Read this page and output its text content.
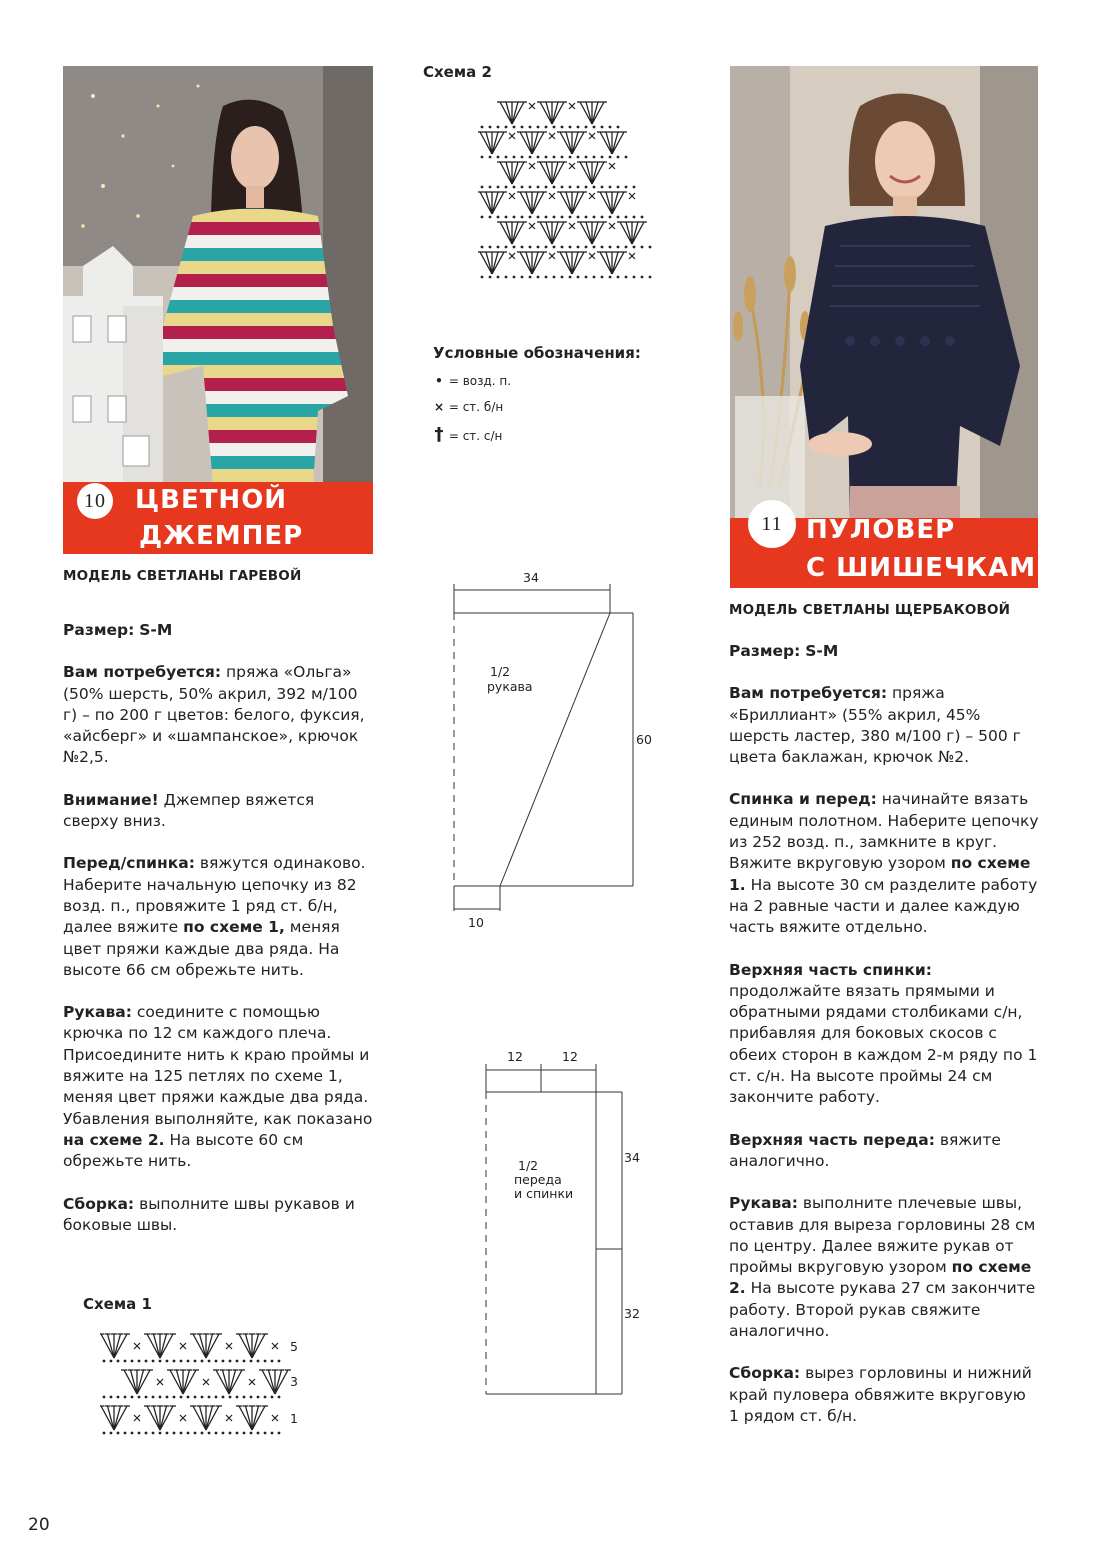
10 ЦВЕТНОЙ
ДЖЕМПЕР
МОДЕЛЬ СВЕТЛАНЫ ГАРЕВОЙ

Размер: S-M

Вам потребуется: пряжа «Ольга» (50% шерсть, 50% акрил, 392 м/100 г) – по 200 г цветов: белого, фуксия, «айсберг» и «шампанское», крючок №2,5.

Внимание! Джемпер вяжется сверху вниз.

Перед/спинка: вяжутся одинаково. Наберите начальную цепочку из 82 возд. п., провяжите 1 ряд ст. б/н, далее вяжите по схеме 1, меняя цвет пряжи каждые два ряда. На высоте 66 см обрежьте нить.

Рукава: соедините с помощью крючка по 12 см каждого плеча. Присоедините нить к краю проймы и вяжите на 125 петлях по схеме 1, меняя цвет пряжи каждые два ряда. Убавления выполняйте, как показано на схеме 2. На высоте 60 см обрежьте нить.

Сборка: выполните швы рукавов и боковые швы.

Схема 2
Условные обозначения:
• = возд. п.
× = ст. б/н
† = ст. с/н
34
60
10
1/2
рукава
12	12
34
32
1/2
переда
и спинки
Схема 1
5
3
1
11 ПУЛОВЕР
С ШИШЕЧКАМИ
МОДЕЛЬ СВЕТЛАНЫ ЩЕРБАКОВОЙ

Размер: S-M

Вам потребуется: пряжа «Бриллиант» (55% акрил, 45% шерсть ластер, 380 м/100 г) – 500 г цвета баклажан, крючок №2.

Спинка и перед: начинайте вязать единым полотном. Наберите цепочку из 252 возд. п., замкните в круг. Вяжите вкруговую узором по схеме 1. На высоте 30 см разделите работу на 2 равные части и далее каждую часть вяжите отдельно.

Верхняя часть спинки: продолжайте вязать прямыми и обратными рядами столбиками с/н, прибавляя для боковых скосов с обеих сторон в каждом 2-м ряду по 1 ст. с/н. На высоте проймы 24 см закончите работу.

Верхняя часть переда: вяжите аналогично.

Рукава: выполните плечевые швы, оставив для выреза горловины 28 см по центру. Далее вяжите рукав от проймы вкруговую узором по схеме 2. На высоте рукава 27 см закончите работу. Второй рукав свяжите аналогично.

Сборка: вырез горловины и нижний край пуловера обвяжите вкруговую 1 рядом ст. б/н.

20
